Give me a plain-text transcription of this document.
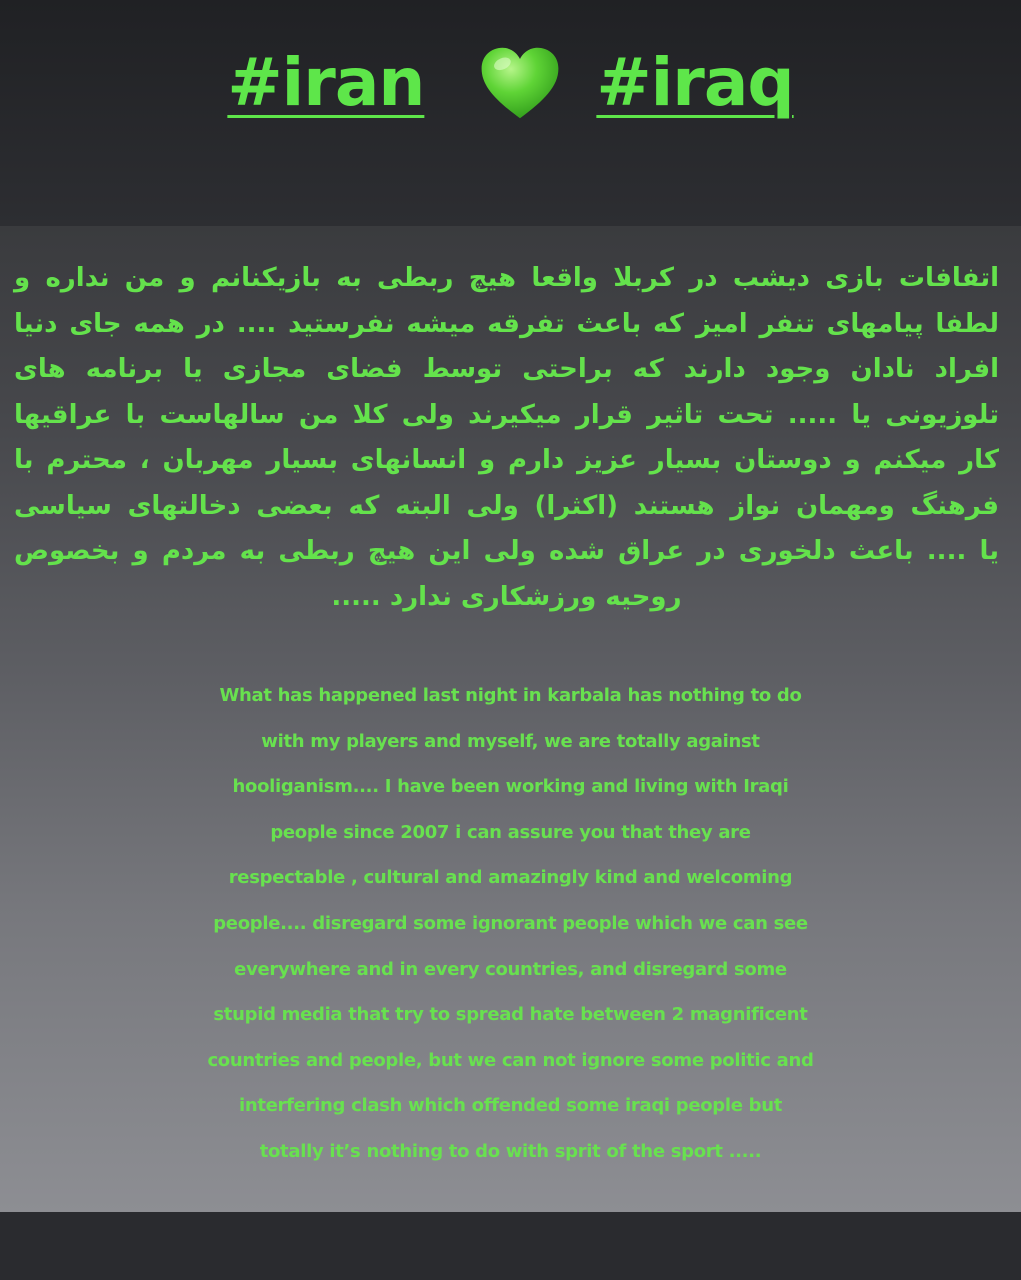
#iran	#iraq
اتفافات بازی دیشب در کربلا واقعا هیچ ربطی به بازیکنانم و من نداره و
لطفا پیامهای تنفر امیز که باعث تفرقه میشه نفرستید .... در همه جای دنیا
افراد نادان وجود دارند که براحتی توسط فضای مجازی یا برنامه های
تلوزیونی یا ..... تحت تاثیر قرار میکیرند ولی کلا من سالهاست با عراقیها
کار میکنم و دوستان بسیار عزیز دارم و انسانهای بسیار مهربان ، محترم با
فرهنگ ومهمان نواز هستند (اکثرا) ولی البته که بعضی دخالتهای سیاسی
یا .... باعث دلخوری در عراق شده ولی این هیچ ربطی به مردم و بخصوص
روحیه ورزشکاری ندارد .....
What has happened last night in karbala has nothing to do
with my players and myself, we are totally against
hooliganism.... I have been working and living with Iraqi
people since 2007 i can assure you that they are
respectable , cultural and amazingly kind and welcoming
people.... disregard some ignorant people which we can see
everywhere and in every countries, and disregard some
stupid media that try to spread hate between 2 magnificent
countries and people, but we can not ignore some politic and
interfering clash which offended some iraqi people but
totally it’s nothing to do with sprit of the sport .....
